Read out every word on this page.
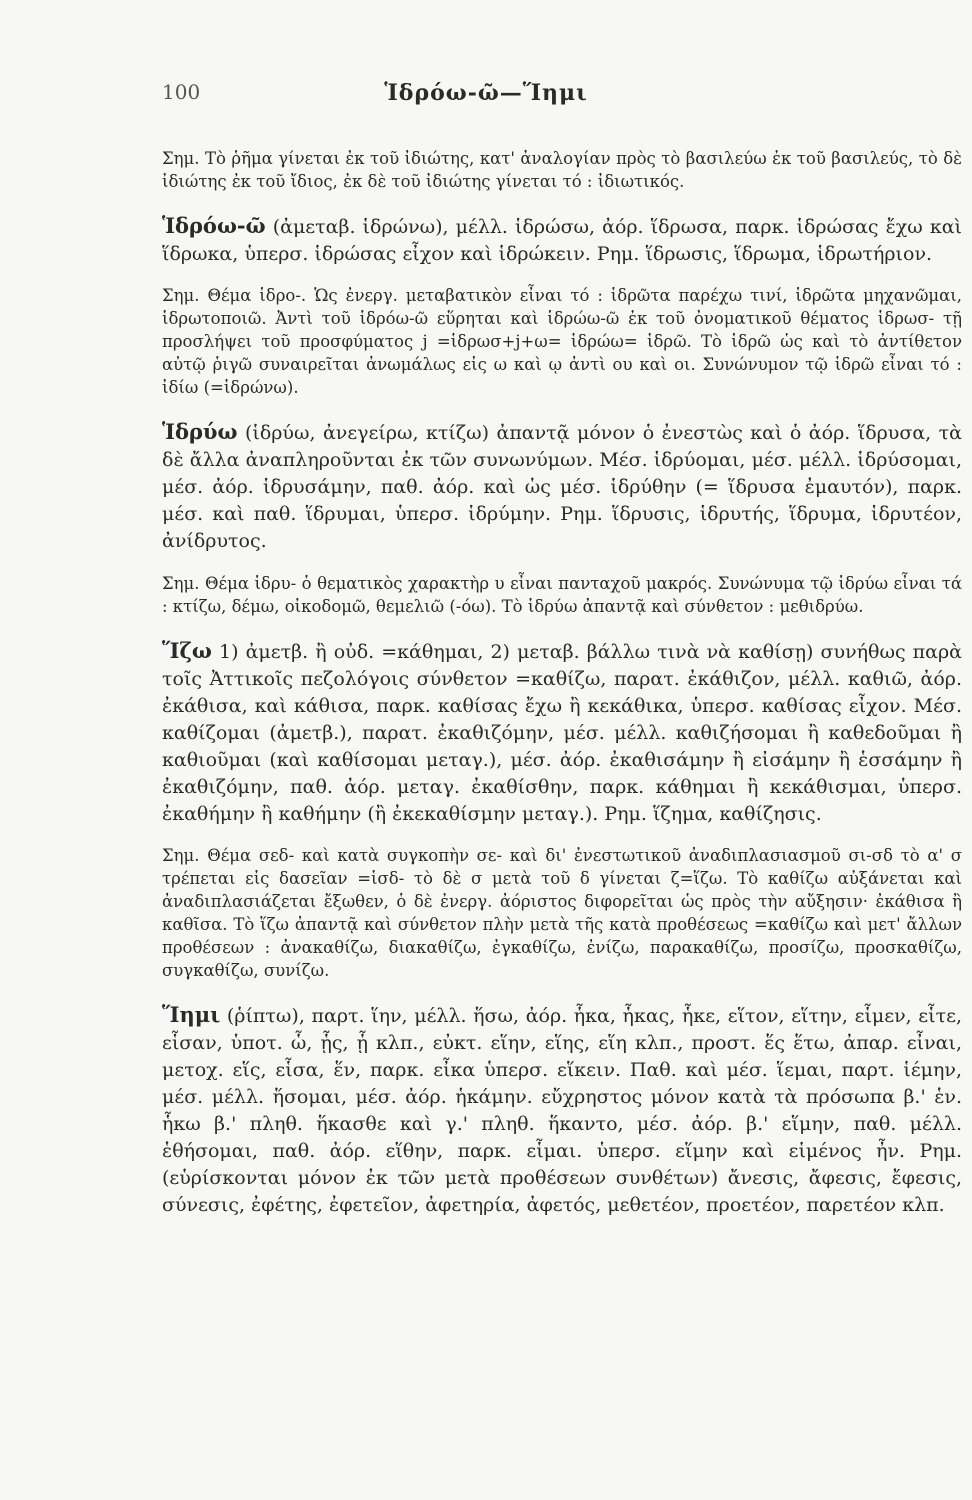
100	Ἱδρόω-ῶ—Ἵημι

Σημ. Τὸ ῥῆμα γίνεται ἐκ τοῦ ἰδιώτης, κατ' ἀναλογίαν πρὸς τὸ βασιλεύω ἐκ τοῦ βασιλεύς, τὸ δὲ ἰδιώτης ἐκ τοῦ ἴδιος, ἐκ δὲ τοῦ ἰδιώτης γίνεται τό : ἰδιωτικός.

Ἱδρόω-ῶ (ἀμεταβ. ἱδρώνω), μέλλ. ἱδρώσω, ἀόρ. ἵδρωσα, παρκ. ἱδρώσας ἔχω καὶ ἵδρωκα, ὑπερσ. ἱδρώσας εἶχον καὶ ἱδρώκειν. Ρημ. ἵδρωσις, ἵδρωμα, ἱδρωτήριον.

Σημ. Θέμα ἱδρο-. Ὡς ἐνεργ. μεταβατικὸν εἶναι τό : ἱδρῶτα παρέχω τινί, ἱδρῶτα μηχανῶμαι, ἱδρωτοποιῶ. Ἀντὶ τοῦ ἱδρόω-ῶ εὕρηται καὶ ἱδρώω-ῶ ἐκ τοῦ ὀνοματικοῦ θέματος ἱδρωσ- τῇ προσλήψει τοῦ προσφύματος j =ἱδρωσ+j+ω= ἱδρώω= ἱδρῶ. Τὸ ἱδρῶ ὡς καὶ τὸ ἀντίθετον αὐτῷ ῥιγῶ συναιρεῖται ἀνωμάλως εἰς ω καὶ ῳ ἀντὶ ου καὶ οι. Συνώνυμον τῷ ἱδρῶ εἶναι τό : ἰδίω (=ἱδρώνω).

Ἱδρύω (ἱδρύω, ἀνεγείρω, κτίζω) ἀπαντᾷ μόνον ὁ ἐνεστὼς καὶ ὁ ἀόρ. ἵδρυσα, τὰ δὲ ἄλλα ἀναπληροῦνται ἐκ τῶν συνωνύμων. Μέσ. ἱδρύομαι, μέσ. μέλλ. ἱδρύσομαι, μέσ. ἀόρ. ἱδρυσάμην, παθ. ἀόρ. καὶ ὡς μέσ. ἱδρύθην (= ἵδρυσα ἐμαυτόν), παρκ. μέσ. καὶ παθ. ἵδρυμαι, ὑπερσ. ἱδρύμην. Ρημ. ἵδρυσις, ἱδρυτής, ἵδρυμα, ἱδρυτέον, ἀνίδρυτος.

Σημ. Θέμα ἱδρυ- ὁ θεματικὸς χαρακτὴρ υ εἶναι πανταχοῦ μακρός. Συνώνυμα τῷ ἱδρύω εἶναι τά : κτίζω, δέμω, οἰκοδομῶ, θεμελιῶ (-όω). Τὸ ἱδρύω ἀπαντᾷ καὶ σύνθετον : μεθιδρύω.

Ἵζω 1) ἀμετβ. ἢ οὐδ. =κάθημαι, 2) μεταβ. βάλλω τινὰ νὰ καθίσῃ) συνήθως παρὰ τοῖς Ἀττικοῖς πεζολόγοις σύνθετον =καθίζω, παρατ. ἐκάθιζον, μέλλ. καθιῶ, ἀόρ. ἐκάθισα, καὶ κάθισα, παρκ. καθίσας ἔχω ἢ κεκάθικα, ὑπερσ. καθίσας εἶχον. Μέσ. καθίζομαι (ἀμετβ.), παρατ. ἐκαθιζόμην, μέσ. μέλλ. καθιζήσομαι ἢ καθεδοῦμαι ἢ καθιοῦμαι (καὶ καθίσομαι μεταγ.), μέσ. ἀόρ. ἐκαθισάμην ἢ εἰσάμην ἢ ἑσσάμην ἢ ἐκαθιζόμην, παθ. ἀόρ. μεταγ. ἐκαθίσθην, παρκ. κάθημαι ἢ κεκάθισμαι, ὑπερσ. ἐκαθήμην ἢ καθήμην (ἢ ἐκεκαθίσμην μεταγ.). Ρημ. ἵζημα, καθίζησις.

Σημ. Θέμα σεδ- καὶ κατὰ συγκοπὴν σε- καὶ δι' ἐνεστωτικοῦ ἀναδιπλασιασμοῦ σι-σδ τὸ α' σ τρέπεται εἰς δασεῖαν =ἱσδ- τὸ δὲ σ μετὰ τοῦ δ γίνεται ζ=ἵζω. Τὸ καθίζω αὐξάνεται καὶ ἀναδιπλασιάζεται ἔξωθεν, ὁ δὲ ἐνεργ. ἀόριστος διφορεῖται ὡς πρὸς τὴν αὔξησιν· ἐκάθισα ἢ καθῖσα. Τὸ ἵζω ἀπαντᾷ καὶ σύνθετον πλὴν μετὰ τῆς κατὰ προθέσεως =καθίζω καὶ μετ' ἄλλων προθέσεων : ἀνακαθίζω, διακαθίζω, ἐγκαθίζω, ἐνίζω, παρακαθίζω, προσίζω, προσκαθίζω, συγκαθίζω, συνίζω.

Ἵημι (ῥίπτω), παρτ. ἵην, μέλλ. ἥσω, ἀόρ. ἧκα, ἧκας, ἧκε, εἵτον, εἵτην, εἷμεν, εἷτε, εἷσαν, ὑποτ. ὧ, ᾗς, ᾗ κλπ., εὐκτ. εἵην, εἵης, εἵη κλπ., προστ. ἕς ἕτω, ἀπαρ. εἶναι, μετοχ. εἵς, εἷσα, ἕν, παρκ. εἶκα ὑπερσ. εἵκειν. Παθ. καὶ μέσ. ἵεμαι, παρτ. ἱέμην, μέσ. μέλλ. ἥσομαι, μέσ. ἀόρ. ἡκάμην. εὔχρηστος μόνον κατὰ τὰ πρόσωπα β.' ἑν. ἧκω β.' πληθ. ἥκασθε καὶ γ.' πληθ. ἥκαντο, μέσ. ἀόρ. β.' εἵμην, παθ. μέλλ. ἑθήσομαι, παθ. ἀόρ. εἵθην, παρκ. εἷμαι. ὑπερσ. εἵμην καὶ εἱμένος ἦν. Ρημ. (εὑρίσκονται μόνον ἐκ τῶν μετὰ προθέσεων συνθέτων) ἄνεσις, ἄφεσις, ἔφεσις, σύνεσις, ἐφέτης, ἐφετεῖον, ἀφετηρία, ἀφετός, μεθετέον, προετέον, παρετέον κλπ.
